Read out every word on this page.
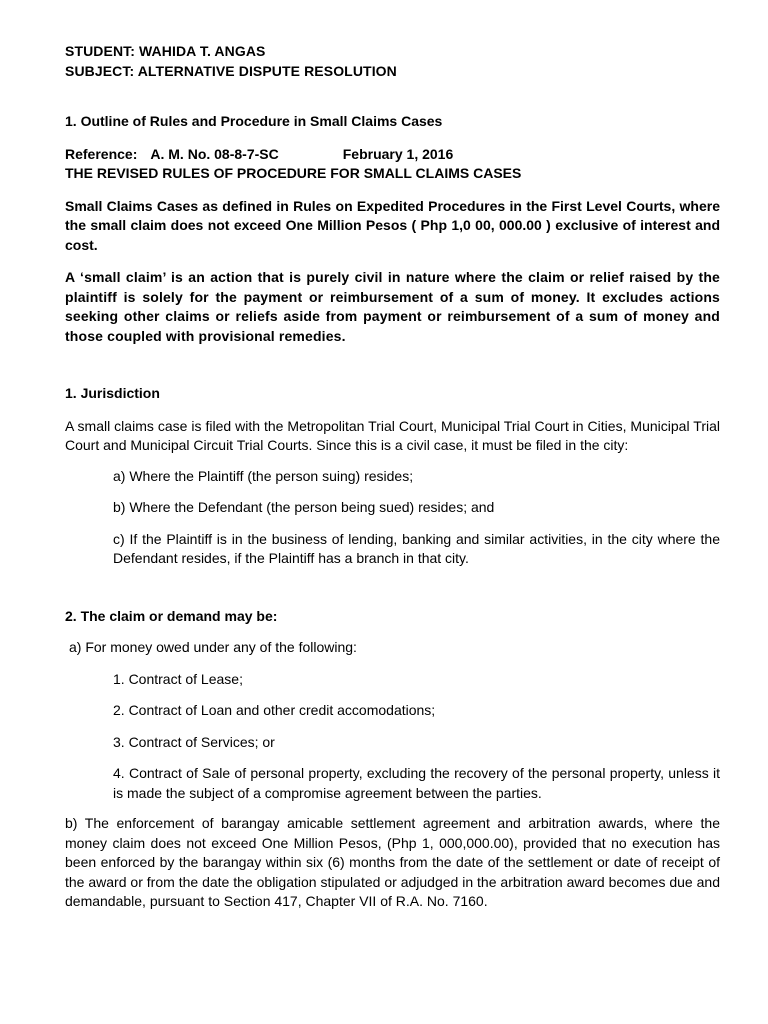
STUDENT: WAHIDA T. ANGAS

SUBJECT: ALTERNATIVE DISPUTE RESOLUTION

1. Outline of Rules and Procedure in Small Claims Cases

Reference: A. M. No. 08-8-7-SC	February 1, 2016

THE REVISED RULES OF PROCEDURE FOR SMALL CLAIMS CASES

Small Claims Cases as defined in Rules on Expedited Procedures in the First Level Courts, where the small claim does not exceed One Million Pesos ( Php 1,0 00, 000.00 ) exclusive of interest and cost.

A ‘small claim’ is an action that is purely civil in nature where the claim or relief raised by the plaintiff is solely for the payment or reimbursement of a sum of money. It excludes actions seeking other claims or reliefs aside from payment or reimbursement of a sum of money and those coupled with provisional remedies.

1. Jurisdiction

A small claims case is filed with the Metropolitan Trial Court, Municipal Trial Court in Cities, Municipal Trial Court and Municipal Circuit Trial Courts. Since this is a civil case, it must be filed in the city:

a) Where the Plaintiff (the person suing) resides;

b) Where the Defendant (the person being sued) resides; and

c) If the Plaintiff is in the business of lending, banking and similar activities, in the city where the Defendant resides, if the Plaintiff has a branch in that city.

2. The claim or demand may be:

a) For money owed under any of the following:

1. Contract of Lease;

2. Contract of Loan and other credit accomodations;

3. Contract of Services; or

4. Contract of Sale of personal property, excluding the recovery of the personal property, unless it is made the subject of a compromise agreement between the parties.

b) The enforcement of barangay amicable settlement agreement and arbitration awards, where the money claim does not exceed One Million Pesos, (Php 1, 000,000.00), provided that no execution has been enforced by the barangay within six (6) months from the date of the settlement or date of receipt of the award or from the date the obligation stipulated or adjudged in the arbitration award becomes due and demandable, pursuant to Section 417, Chapter VII of R.A. No. 7160.
